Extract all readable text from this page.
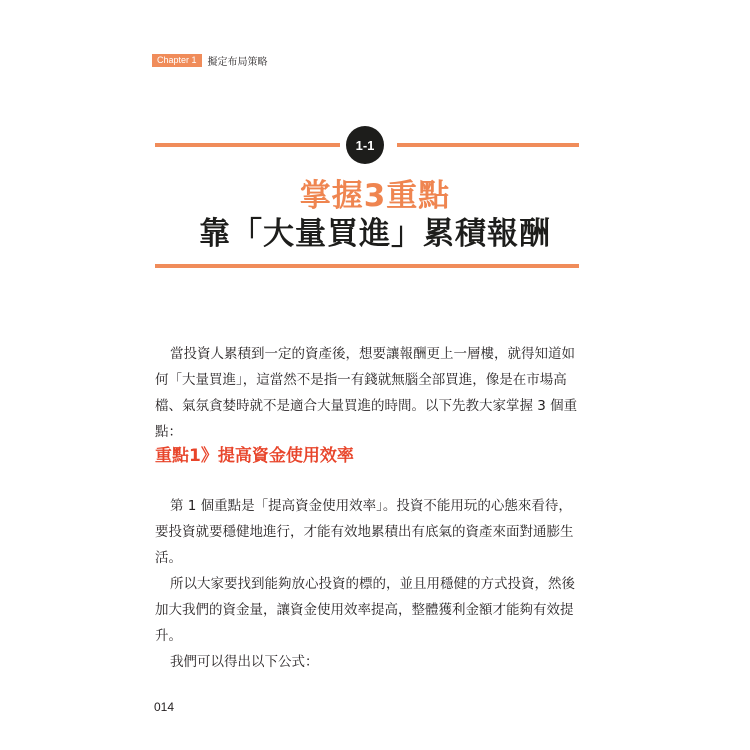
Chapter 1	擬定布局策略
1-1
掌握3重點
靠「大量買進」累積報酬

當投資人累積到一定的資產後，想要讓報酬更上一層樓，就得知道如何「大量買進」，這當然不是指一有錢就無腦全部買進，像是在市場高檔、氣氛貪婪時就不是適合大量買進的時間。以下先教大家掌握 3 個重點：

重點1》提高資金使用效率

第 1 個重點是「提高資金使用效率」。投資不能用玩的心態來看待，要投資就要穩健地進行，才能有效地累積出有底氣的資產來面對通膨生活。

所以大家要找到能夠放心投資的標的，並且用穩健的方式投資，然後加大我們的資金量，讓資金使用效率提高，整體獲利金額才能夠有效提升。

我們可以得出以下公式：

014
